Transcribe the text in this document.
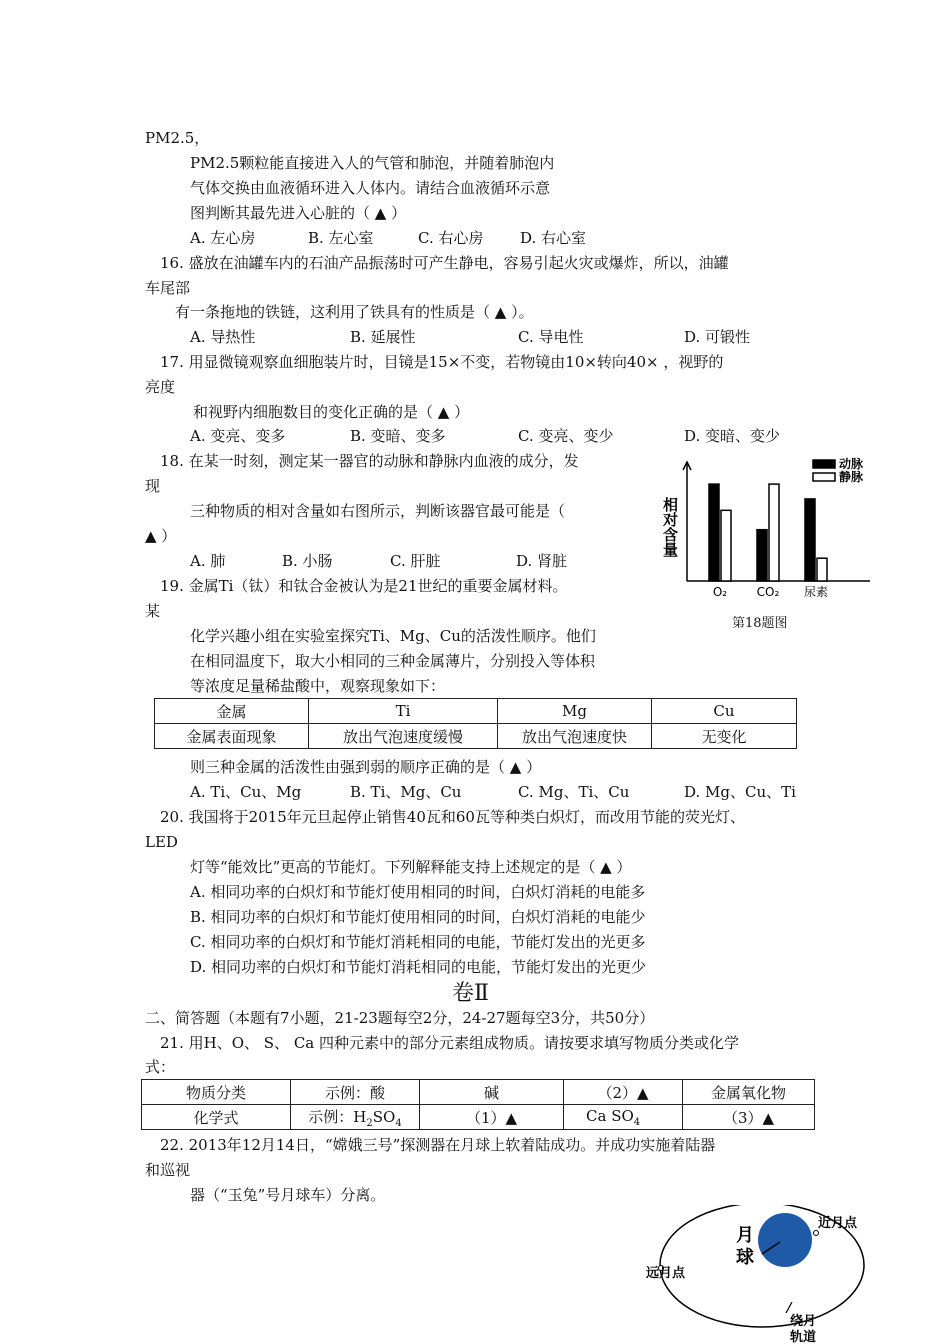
PM2.5，
PM2.5颗粒能直接进入人的气管和肺泡，并随着肺泡内
气体交换由血液循环进入人体内。请结合血液循环示意
图判断其最先进入心脏的（ ▲ ）
A. 左心房	B. 左心室	C. 右心房 D. 右心室
16. 盛放在油罐车内的石油产品振荡时可产生静电，容易引起火灾或爆炸，所以，油罐
车尾部
有一条拖地的铁链，这利用了铁具有的性质是（ ▲ ）。
A. 导热性	B. 延展性	C. 导电性	D. 可锻性
17. 用显微镜观察血细胞装片时，目镜是15×不变，若物镜由10×转向40× ，视野的
亮度
和视野内细胞数目的变化正确的是（ ▲ ）
A. 变亮、变多	B. 变暗、变多	C. 变亮、变少	D. 变暗、变少
18. 在某一时刻，测定某一器官的动脉和静脉内血液的成分，发
现
三种物质的相对含量如右图所示，判断该器官最可能是（
▲ ）
A. 肺	B. 小肠	C. 肝脏	D. 肾脏
O₂ CO₂ 尿素
动脉
静脉
相对含量
第18题图
19. 金属Ti（钛）和钛合金被认为是21世纪的重要金属材料。
某
化学兴趣小组在实验室探究Ti、Mg、Cu的活泼性顺序。他们
在相同温度下，取大小相同的三种金属薄片，分别投入等体积
等浓度足量稀盐酸中，观察现象如下：
金属	Ti	Mg	Cu
金属表面现象	放出气泡速度缓慢	放出气泡速度快	无变化
则三种金属的活泼性由强到弱的顺序正确的是（ ▲ ）
A. Ti、Cu、Mg	B. Ti、Mg、Cu	C. Mg、Ti、Cu	D. Mg、Cu、Ti
20. 我国将于2015年元旦起停止销售40瓦和60瓦等种类白炽灯，而改用节能的荧光灯、
LED
灯等“能效比”更高的节能灯。下列解释能支持上述规定的是（ ▲ ）
A. 相同功率的白炽灯和节能灯使用相同的时间，白炽灯消耗的电能多
B. 相同功率的白炽灯和节能灯使用相同的时间，白炽灯消耗的电能少
C. 相同功率的白炽灯和节能灯消耗相同的电能，节能灯发出的光更多
D. 相同功率的白炽灯和节能灯消耗相同的电能，节能灯发出的光更少
卷Ⅱ
二、简答题（本题有7小题，21-23题每空2分，24-27题每空3分，共50分）
21. 用H、O、 S、 Ca 四种元素中的部分元素组成物质。请按要求填写物质分类或化学
式：
物质分类	示例：酸	碱	（2）▲	金属氧化物
化学式	示例：$H_2SO_4$	（1）▲	Ca $SO_4$	（3）▲
22. 2013年12月14日，“嫦娥三号”探测器在月球上软着陆成功。并成功实施着陆器
和巡视
器（“玉兔”号月球车）分离。
月
球
近月点
远月点
绕月
轨道
